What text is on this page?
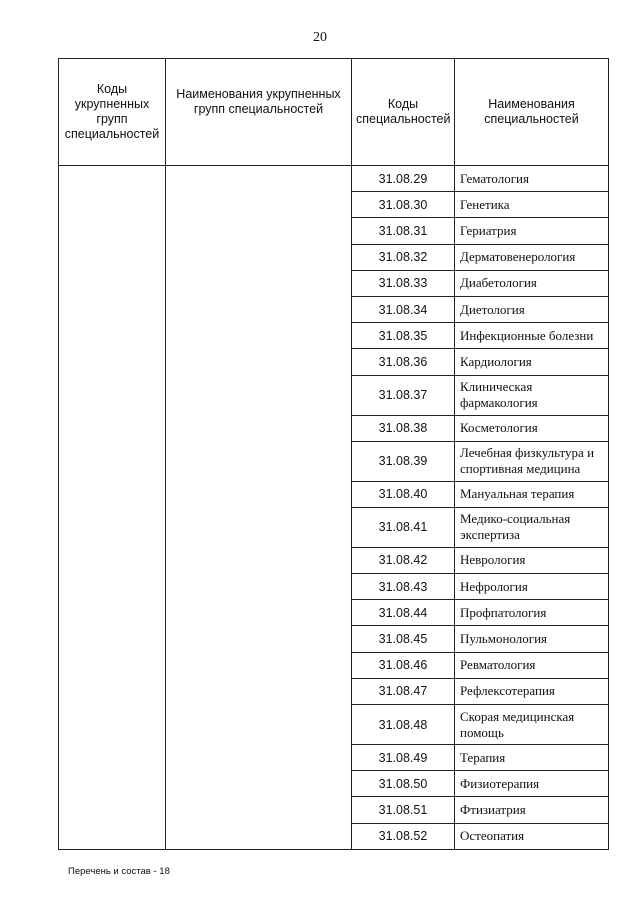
20
Коды укрупненных групп специальностей	Наименования укрупненных групп специальностей	Коды специальностей	Наименования специальностей
		31.08.29	Гематология
		31.08.30	Генетика
		31.08.31	Гериатрия
		31.08.32	Дерматовенерология
		31.08.33	Диабетология
		31.08.34	Диетология
		31.08.35	Инфекционные болезни
		31.08.36	Кардиология
		31.08.37	Клиническая фармакология
		31.08.38	Косметология
		31.08.39	Лечебная физкультура и спортивная медицина
		31.08.40	Мануальная терапия
		31.08.41	Медико-социальная экспертиза
		31.08.42	Неврология
		31.08.43	Нефрология
		31.08.44	Профпатология
		31.08.45	Пульмонология
		31.08.46	Ревматология
		31.08.47	Рефлексотерапия
		31.08.48	Скорая медицинская помощь
		31.08.49	Терапия
		31.08.50	Физиотерапия
		31.08.51	Фтизиатрия
		31.08.52	Остеопатия
Перечень и состав - 18
